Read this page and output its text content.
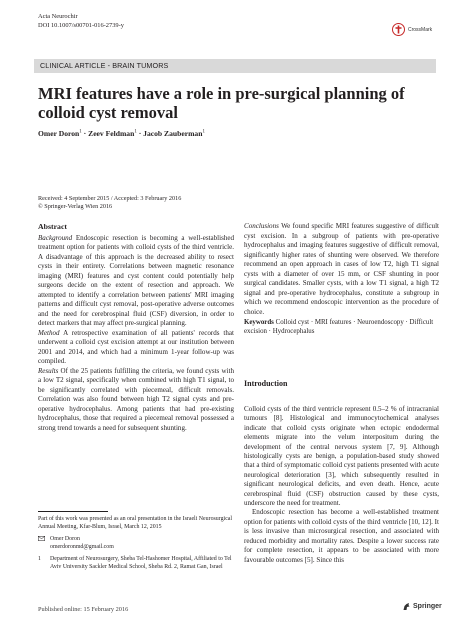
Acta Neurochir
DOI 10.1007/s00701-016-2739-y
CrossMark
CLINICAL ARTICLE - BRAIN TUMORS
MRI features have a role in pre-surgical planning of colloid cyst removal
Omer Doron$^1$ · Zeev Feldman$^1$ · Jacob Zauberman$^1$
Received: 4 September 2015 / Accepted: 3 February 2016
© Springer-Verlag Wien 2016
Abstract

Background Endoscopic resection is becoming a well-established treatment option for patients with colloid cysts of the third ventricle. A disadvantage of this approach is the decreased ability to resect cysts in their entirety. Correlations between magnetic resonance imaging (MRI) features and cyst content could potentially help surgeons decide on the extent of resection and approach. We attempted to identify a correlation between patients' MRI imaging patterns and difficult cyst removal, post-operative adverse outcomes and the need for cerebrospinal fluid (CSF) diversion, in order to detect markers that may affect pre-surgical planning.

Method A retrospective examination of all patients' records that underwent a colloid cyst excision attempt at our institution between 2001 and 2014, and which had a minimum 1-year follow-up was compiled.

Results Of the 25 patients fulfilling the criteria, we found cysts with a low T2 signal, specifically when combined with high T1 signal, to be significantly correlated with piecemeal, difficult removals. Correlation was also found between high T2 signal cysts and pre-operative hydrocephalus. Among patients that had pre-existing hydrocephalus, those that required a piecemeal removal possessed a strong trend towards a need for subsequent shunting.

Conclusions We found specific MRI features suggestive of difficult cyst excision. In a subgroup of patients with pre-operative hydrocephalus and imaging features suggestive of difficult removal, significantly higher rates of shunting were observed. We therefore recommend an open approach in cases of low T2, high T1 signal cysts with a diameter of over 15 mm, or CSF shunting in poor surgical candidates. Smaller cysts, with a low T1 signal, a high T2 signal and pre-operative hydrocephalus, constitute a subgroup in which we recommend endoscopic intervention as the procedure of choice.

Keywords Colloid cyst · MRI features · Neuroendoscopy · Difficult excision · Hydrocephalus
Introduction

Colloid cysts of the third ventricle represent 0.5–2 % of intracranial tumours [8]. Histological and immunocytochemical analyses indicate that colloid cysts originate when ectopic endodermal elements migrate into the velum interpositum during the development of the central nervous system [7, 9]. Although histologically cysts are benign, a population-based study showed that a third of symptomatic colloid cyst patients presented with acute neurological deterioration [3], which subsequently resulted in significant neurological deficits, and even death. Hence, acute cerebrospinal fluid (CSF) obstruction caused by these cysts, underscore the need for treatment.

Endoscopic resection has become a well-established treatment option for patients with colloid cysts of the third ventricle [10, 12]. It is less invasive than microsurgical resection, and associated with reduced morbidity and mortality rates. Despite a lower success rate for complete resection, it appears to be associated with more favourable outcomes [5]. Since this

Part of this work was presented as an oral presentation in the Israeli Neurosurgical Annual Meeting, Kfar-Blum, Israel, March 12, 2015

Omer Doron
omerdoronmd@gmail.com
1	Department of Neurosurgery, Sheba Tel-Hashomer Hospital, Affiliated to Tel Aviv University Sackler Medical School, Sheba Rd. 2, Ramat Gan, Israel
Published online: 15 February 2016	Springer
